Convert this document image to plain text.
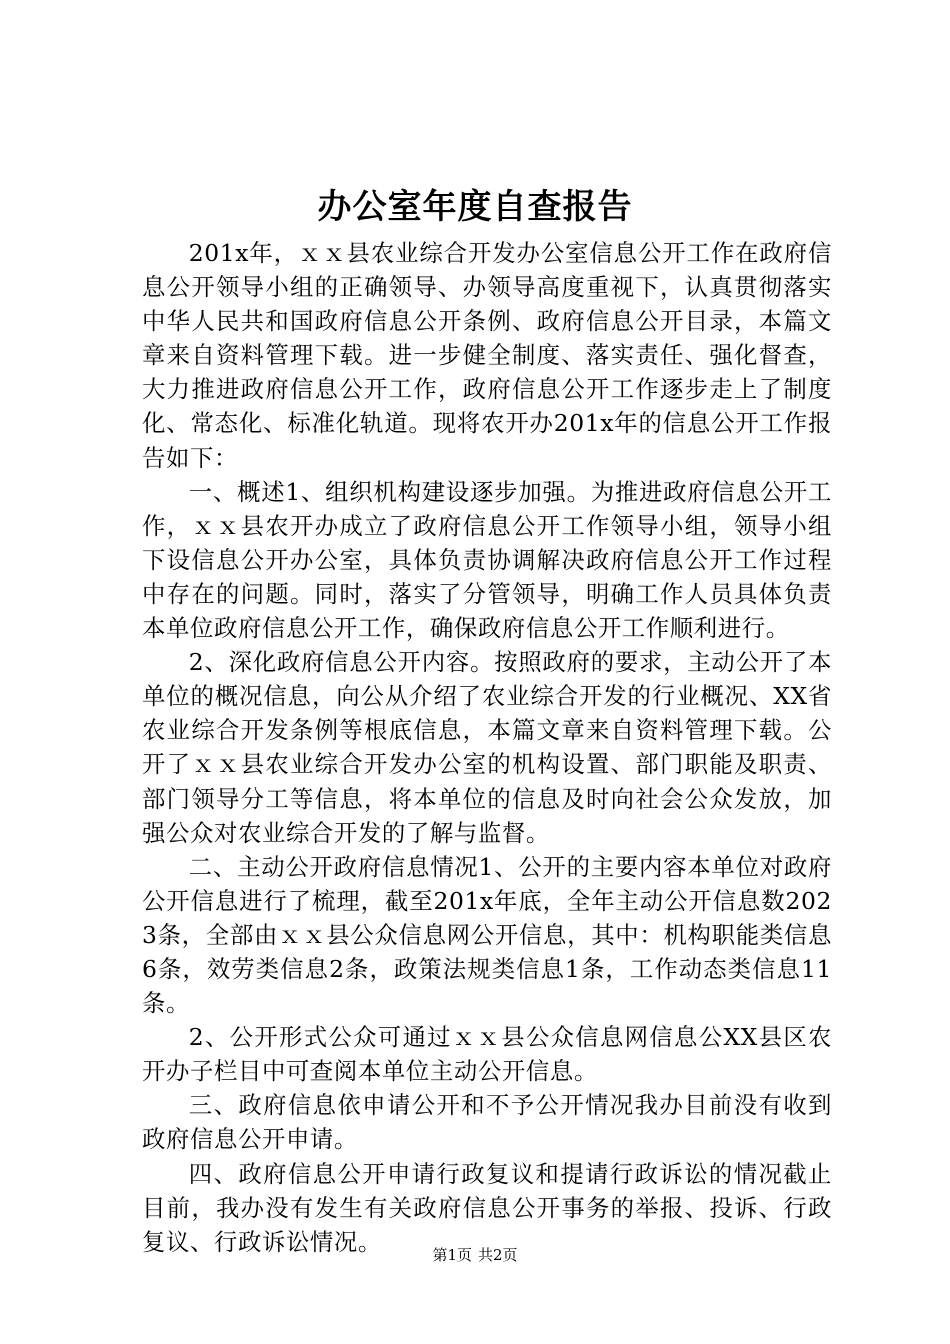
办公室年度自查报告

201x年，ｘｘ县农业综合开发办公室信息公开工作在政府信息公开领导小组的正确领导、办领导高度重视下，认真贯彻落实中华人民共和国政府信息公开条例、政府信息公开目录，本篇文章来自资料管理下载。进一步健全制度、落实责任、强化督查，大力推进政府信息公开工作，政府信息公开工作逐步走上了制度化、常态化、标准化轨道。现将农开办201x年的信息公开工作报告如下：

一、概述1、组织机构建设逐步加强。为推进政府信息公开工作，ｘｘ县农开办成立了政府信息公开工作领导小组，领导小组下设信息公开办公室，具体负责协调解决政府信息公开工作过程中存在的问题。同时，落实了分管领导，明确工作人员具体负责本单位政府信息公开工作，确保政府信息公开工作顺利进行。

2、深化政府信息公开内容。按照政府的要求，主动公开了本单位的概况信息，向公从介绍了农业综合开发的行业概况、XX省农业综合开发条例等根底信息，本篇文章来自资料管理下载。公开了ｘｘ县农业综合开发办公室的机构设置、部门职能及职责、部门领导分工等信息，将本单位的信息及时向社会公众发放，加强公众对农业综合开发的了解与监督。

二、主动公开政府信息情况1、公开的主要内容本单位对政府公开信息进行了梳理，截至201x年底，全年主动公开信息数2023条，全部由ｘｘ县公众信息网公开信息，其中：机构职能类信息6条，效劳类信息2条，政策法规类信息1条，工作动态类信息11条。

2、公开形式公众可通过ｘｘ县公众信息网信息公XX县区农开办子栏目中可查阅本单位主动公开信息。

三、政府信息依申请公开和不予公开情况我办目前没有收到政府信息公开申请。

四、政府信息公开申请行政复议和提请行政诉讼的情况截止目前，我办没有发生有关政府信息公开事务的举报、投诉、行政复议、行政诉讼情况。	第1页 共2页
